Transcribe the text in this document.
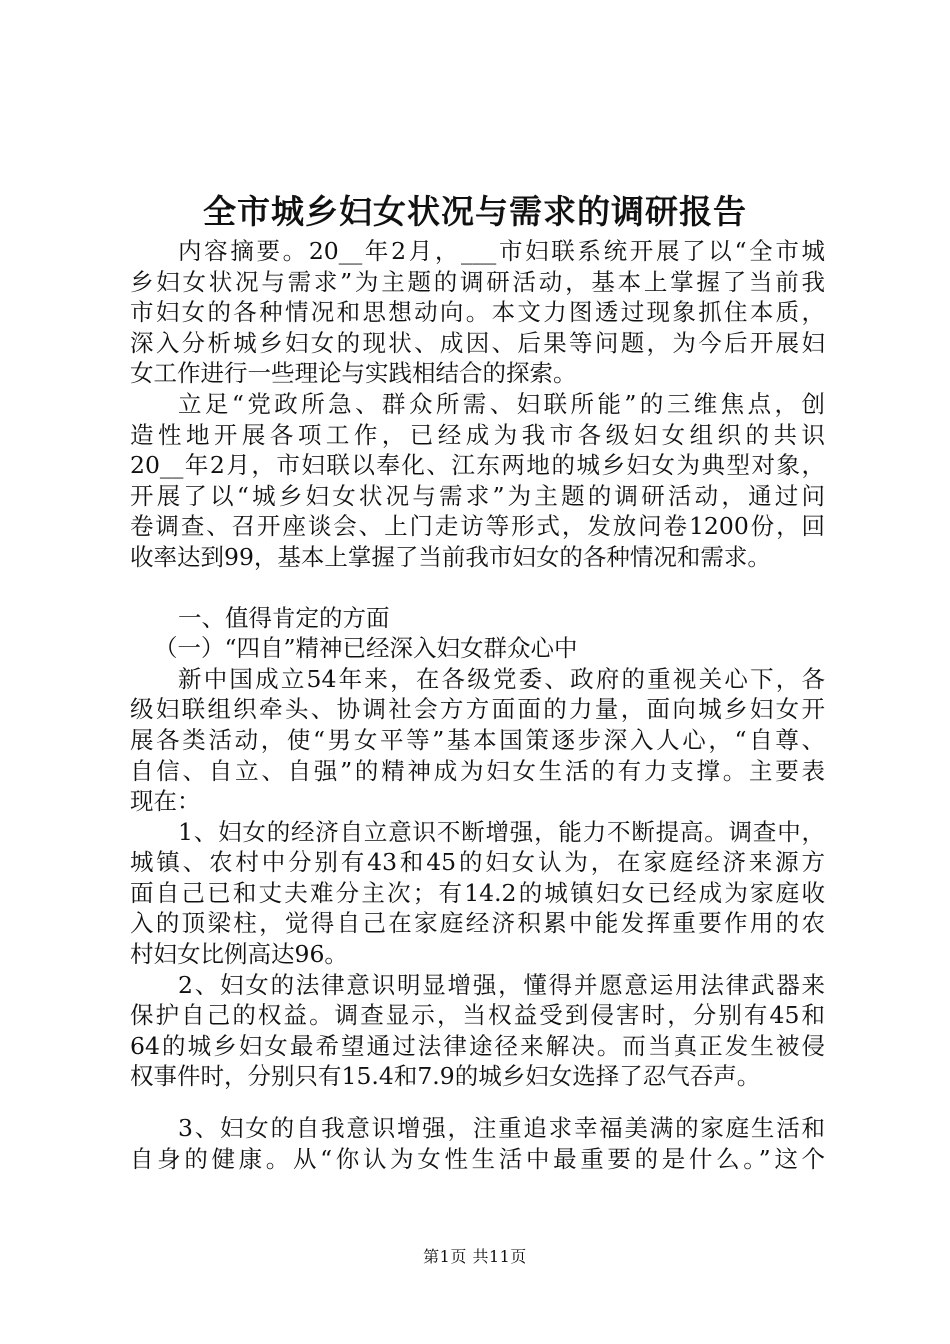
全市城乡妇女状况与需求的调研报告
内容摘要。20__年2月，___市妇联系统开展了以“全市城
乡妇女状况与需求”为主题的调研活动，基本上掌握了当前我
市妇女的各种情况和思想动向。本文力图透过现象抓住本质，
深入分析城乡妇女的现状、成因、后果等问题，为今后开展妇
女工作进行一些理论与实践相结合的探索。
立足“党政所急、群众所需、妇联所能”的三维焦点，创
造性地开展各项工作，已经成为我市各级妇女组织的共识
20__年2月，市妇联以奉化、江东两地的城乡妇女为典型对象，
开展了以“城乡妇女状况与需求”为主题的调研活动，通过问
卷调查、召开座谈会、上门走访等形式，发放问卷1200份，回
收率达到99，基本上掌握了当前我市妇女的各种情况和需求。
一、值得肯定的方面
（一）“四自”精神已经深入妇女群众心中
新中国成立54年来，在各级党委、政府的重视关心下，各
级妇联组织牵头、协调社会方方面面的力量，面向城乡妇女开
展各类活动，使“男女平等”基本国策逐步深入人心，“自尊、
自信、自立、自强”的精神成为妇女生活的有力支撑。主要表
现在：
1、妇女的经济自立意识不断增强，能力不断提高。调查中，
城镇、农村中分别有43和45的妇女认为，在家庭经济来源方
面自己已和丈夫难分主次；有14.2的城镇妇女已经成为家庭收
入的顶梁柱，觉得自己在家庭经济积累中能发挥重要作用的农
村妇女比例高达96。
2、妇女的法律意识明显增强，懂得并愿意运用法律武器来
保护自己的权益。调查显示，当权益受到侵害时，分别有45和
64的城乡妇女最希望通过法律途径来解决。而当真正发生被侵
权事件时，分别只有15.4和7.9的城乡妇女选择了忍气吞声。
3、妇女的自我意识增强，注重追求幸福美满的家庭生活和
自身的健康。从“你认为女性生活中最重要的是什么。”这个
第1页 共11页
